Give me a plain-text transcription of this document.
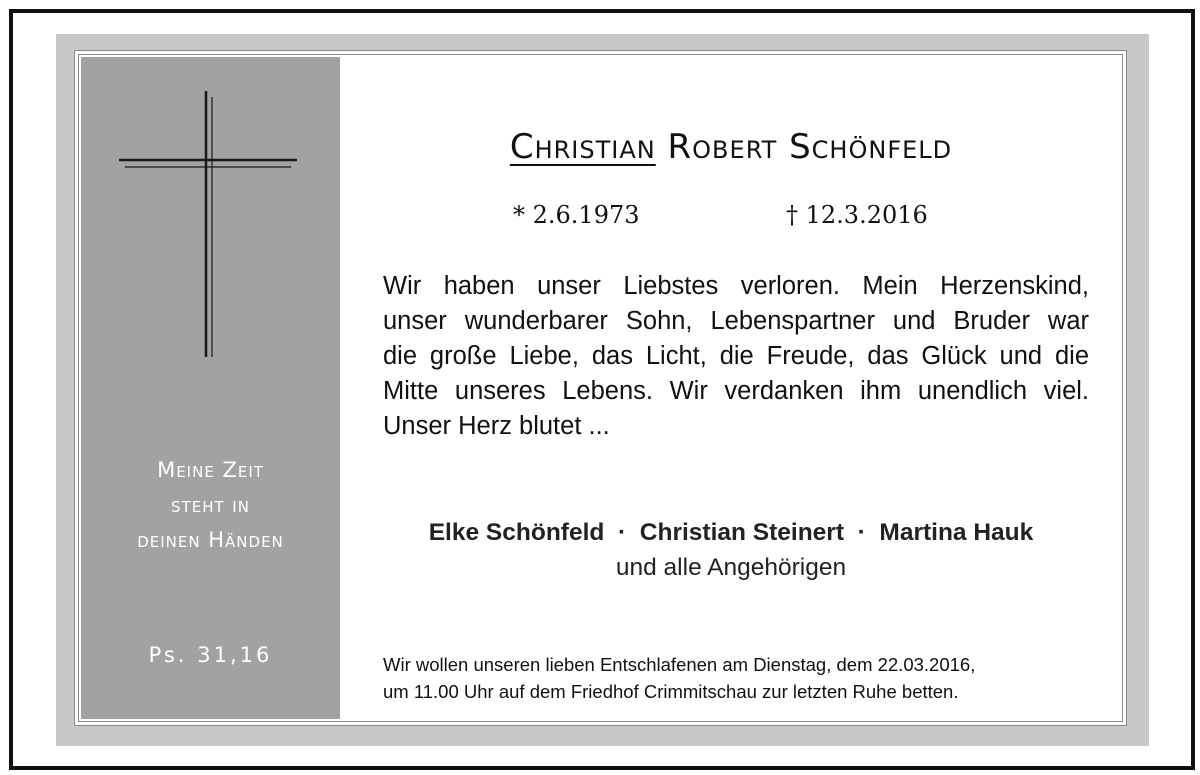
Meine Zeit
steht in
deinen Händen
Ps. 31,16
Christian Robert Schönfeld
* 2.6.1973	† 12.3.2016
Wir haben unser Liebstes verloren. Mein Herzenskind,
unser wunderbarer Sohn, Lebenspartner und Bruder war
die große Liebe, das Licht, die Freude, das Glück und die
Mitte unseres Lebens. Wir verdanken ihm unendlich viel.
Unser Herz blutet ...
Elke Schönfeld · Christian Steinert · Martina Hauk
und alle Angehörigen
Wir wollen unseren lieben Entschlafenen am Dienstag, dem 22.03.2016,
um 11.00 Uhr auf dem Friedhof Crimmitschau zur letzten Ruhe betten.
